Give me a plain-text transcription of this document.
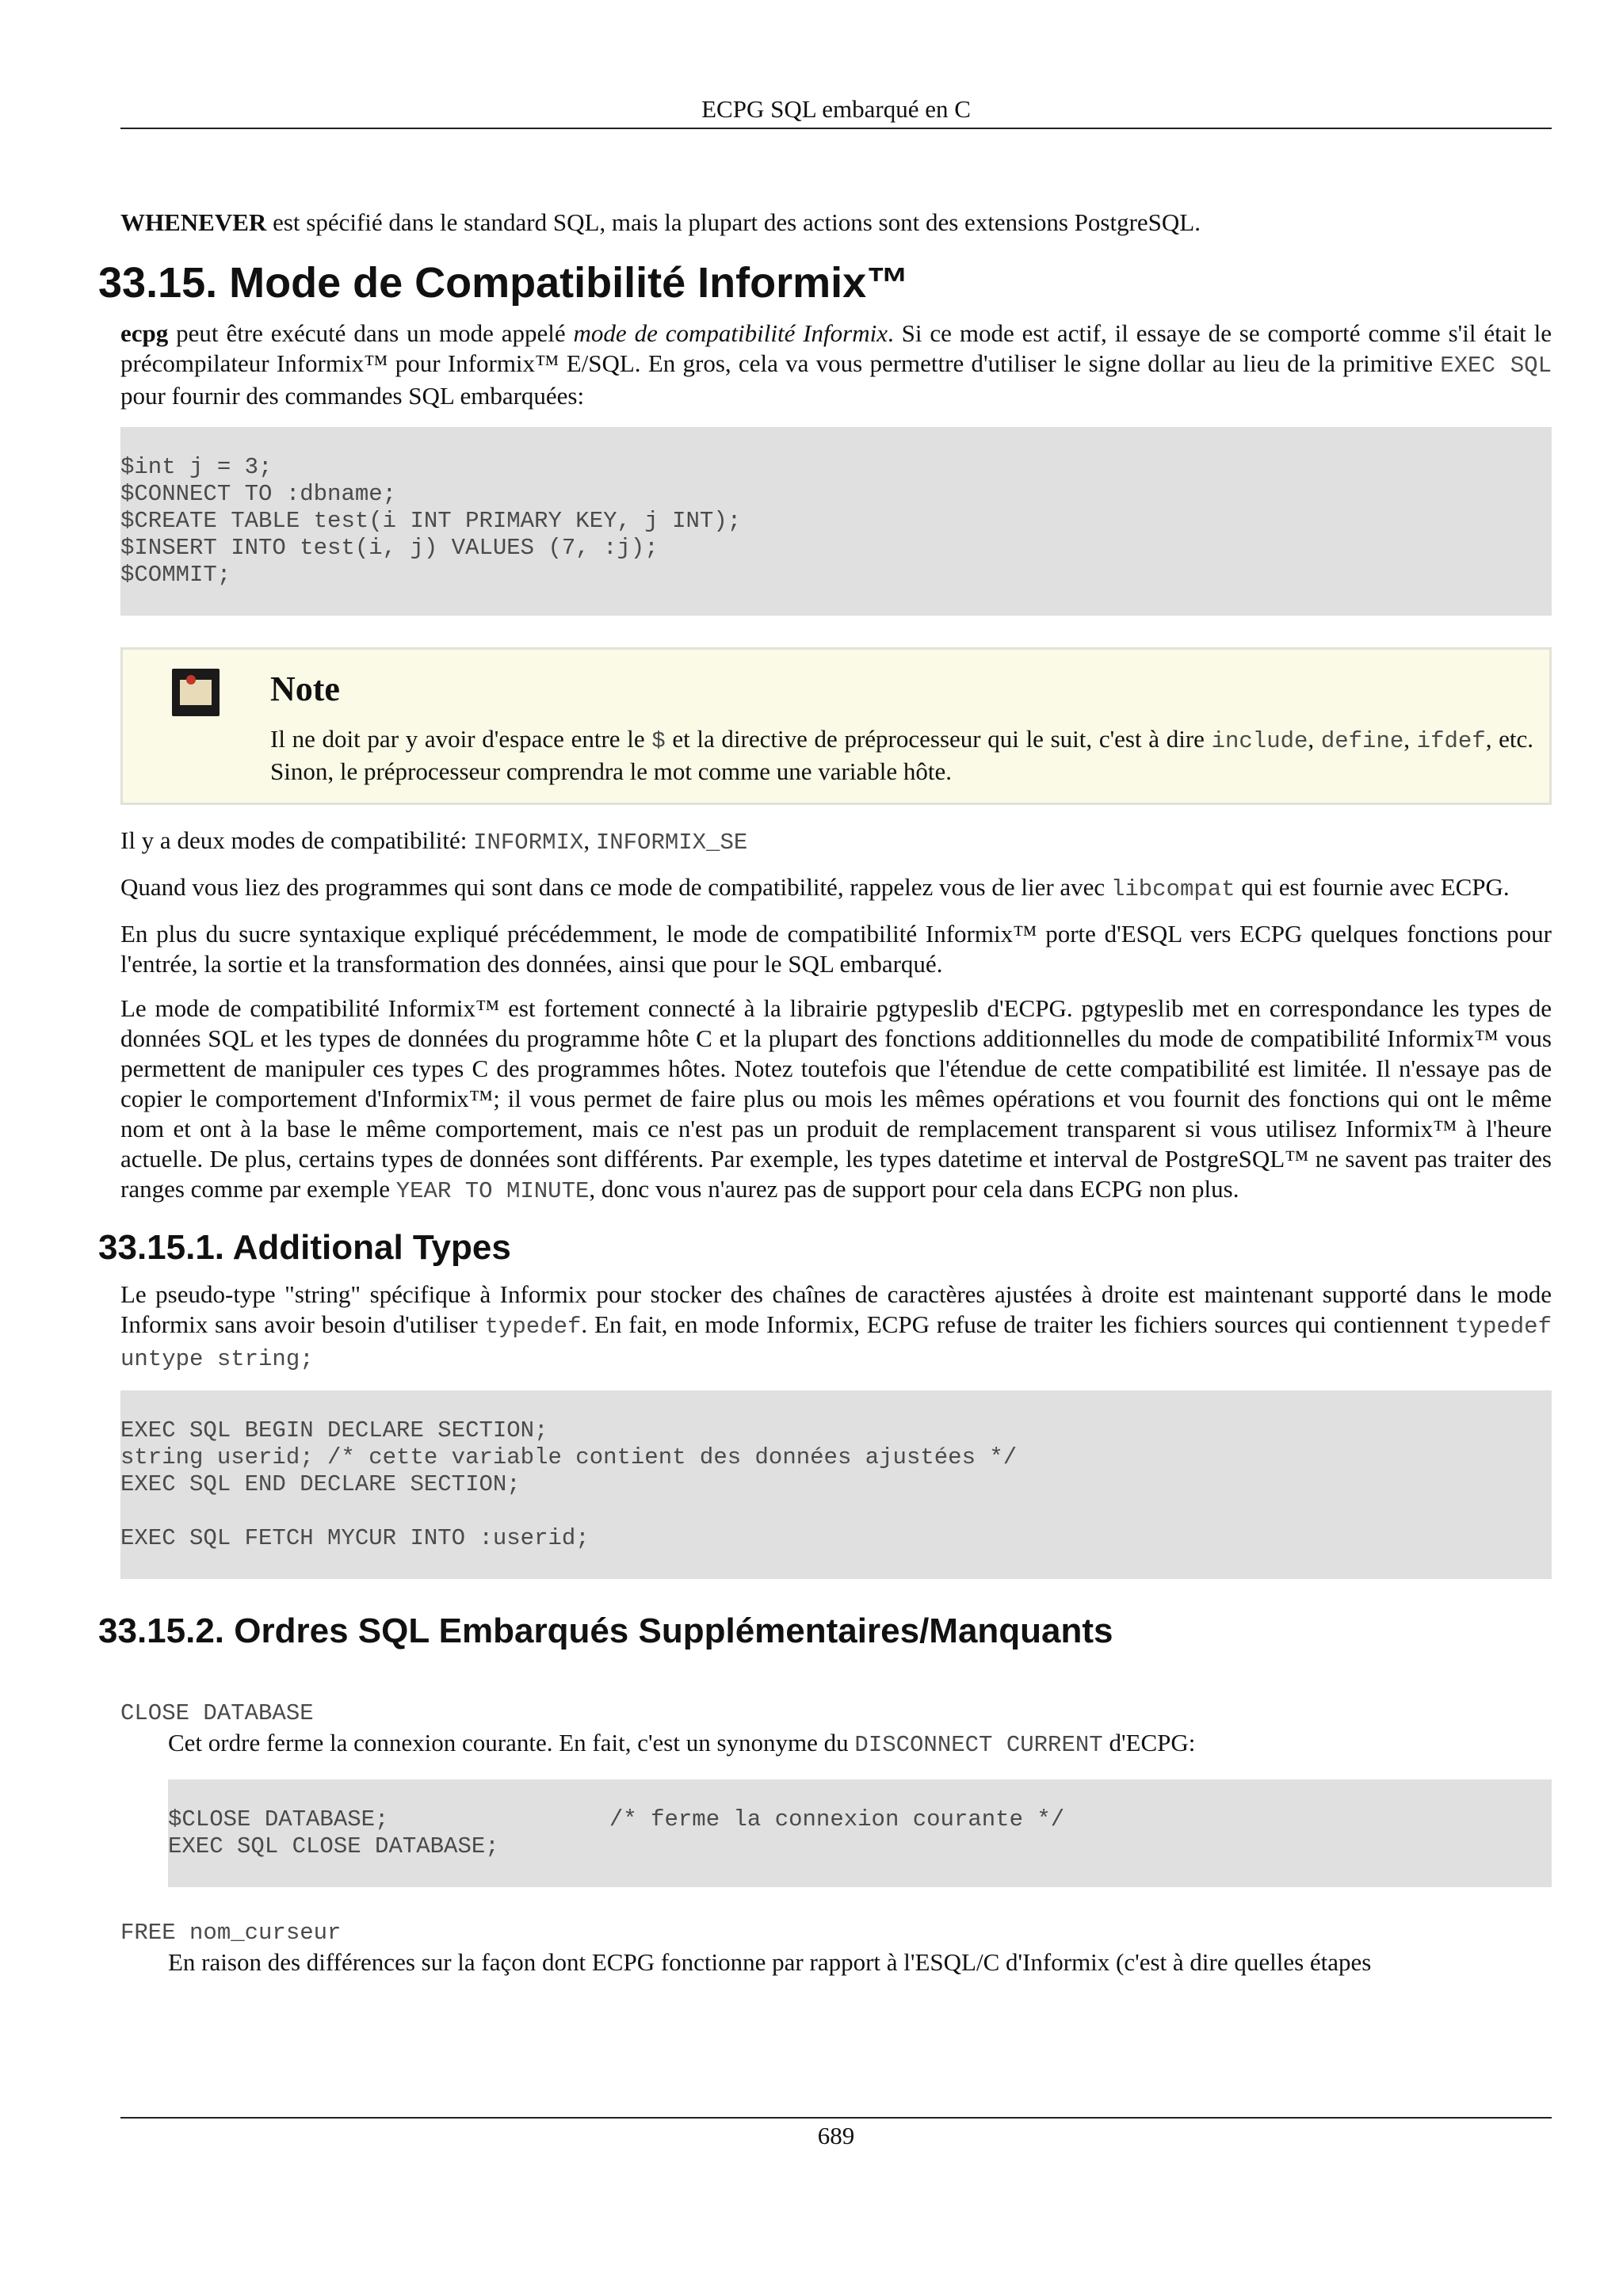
ECPG SQL embarqué en C

WHENEVER est spécifié dans le standard SQL, mais la plupart des actions sont des extensions PostgreSQL.

33.15. Mode de Compatibilité Informix™

ecpg peut être exécuté dans un mode appelé mode de compatibilité Informix. Si ce mode est actif, il essaye de se comporté comme s'il était le précompilateur Informix™ pour Informix™ E/SQL. En gros, cela va vous permettre d'utiliser le signe dollar au lieu de la primitive EXEC SQL pour fournir des commandes SQL embarquées:

$int j = 3;
$CONNECT TO :dbname;
$CREATE TABLE test(i INT PRIMARY KEY, j INT);
$INSERT INTO test(i, j) VALUES (7, :j);
$COMMIT;
Note

Il ne doit par y avoir d'espace entre le $ et la directive de préprocesseur qui le suit, c'est à dire include, define, ifdef, etc. Sinon, le préprocesseur comprendra le mot comme une variable hôte.

Il y a deux modes de compatibilité: INFORMIX, INFORMIX_SE

Quand vous liez des programmes qui sont dans ce mode de compatibilité, rappelez vous de lier avec libcompat qui est fournie avec ECPG.

En plus du sucre syntaxique expliqué précédemment, le mode de compatibilité Informix™ porte d'ESQL vers ECPG quelques fonctions pour l'entrée, la sortie et la transformation des données, ainsi que pour le SQL embarqué.

Le mode de compatibilité Informix™ est fortement connecté à la librairie pgtypeslib d'ECPG. pgtypeslib met en correspondance les types de données SQL et les types de données du programme hôte C et la plupart des fonctions additionnelles du mode de compatibilité Informix™ vous permettent de manipuler ces types C des programmes hôtes. Notez toutefois que l'étendue de cette compatibilité est limitée. Il n'essaye pas de copier le comportement d'Informix™; il vous permet de faire plus ou mois les mêmes opérations et vou fournit des fonctions qui ont le même nom et ont à la base le même comportement, mais ce n'est pas un produit de remplacement transparent si vous utilisez Informix™ à l'heure actuelle. De plus, certains types de données sont différents. Par exemple, les types datetime et interval de PostgreSQL™ ne savent pas traiter des ranges comme par exemple YEAR TO MINUTE, donc vous n'aurez pas de support pour cela dans ECPG non plus.

33.15.1. Additional Types

Le pseudo-type "string" spécifique à Informix pour stocker des chaînes de caractères ajustées à droite est maintenant supporté dans le mode Informix sans avoir besoin d'utiliser typedef. En fait, en mode Informix, ECPG refuse de traiter les fichiers sources qui contiennent typedef untype string;

EXEC SQL BEGIN DECLARE SECTION;
string userid; /* cette variable contient des données ajustées */
EXEC SQL END DECLARE SECTION;

EXEC SQL FETCH MYCUR INTO :userid;
33.15.2. Ordres SQL Embarqués Supplémentaires/Manquants
CLOSE DATABASE

Cet ordre ferme la connexion courante. En fait, c'est un synonyme du DISCONNECT CURRENT d'ECPG:

$CLOSE DATABASE;                /* ferme la connexion courante */
EXEC SQL CLOSE DATABASE;
FREE nom_curseur

En raison des différences sur la façon dont ECPG fonctionne par rapport à l'ESQL/C d'Informix (c'est à dire quelles étapes

689
